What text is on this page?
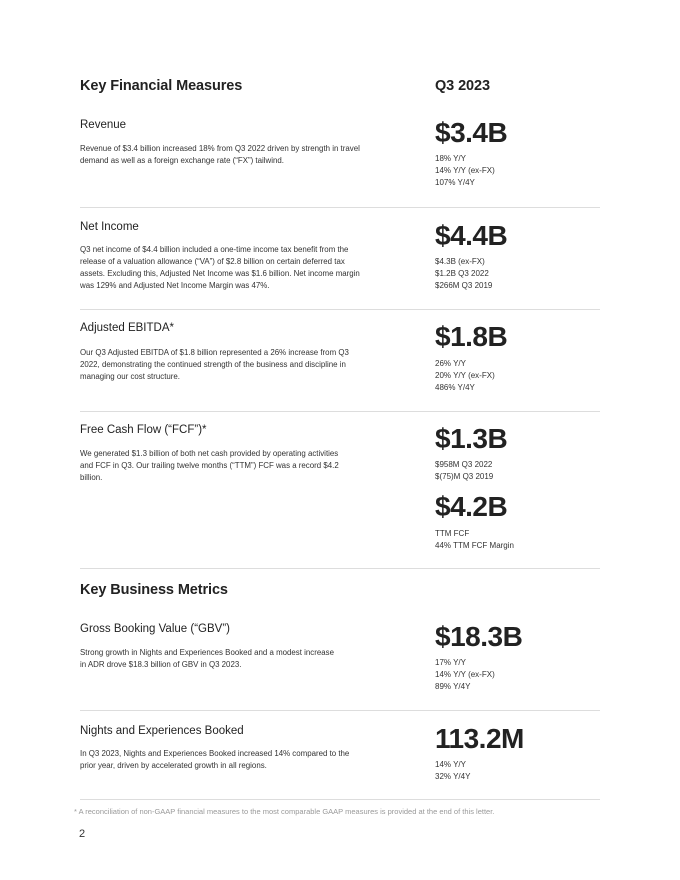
Key Financial Measures	Q3 2023
Revenue
Revenue of $3.4 billion increased 18% from Q3 2022 driven by strength in travel demand as well as a foreign exchange rate (“FX”) tailwind.
$3.4B
18% Y/Y
14% Y/Y (ex-FX)
107% Y/4Y
Net Income
Q3 net income of $4.4 billion included a one-time income tax benefit from the release of a valuation allowance (“VA”) of $2.8 billion on certain deferred tax assets. Excluding this, Adjusted Net Income was $1.6 billion. Net income margin was 129% and Adjusted Net Income Margin was 47%.
$4.4B
$4.3B (ex-FX)
$1.2B Q3 2022
$266M Q3 2019
Adjusted EBITDA*
Our Q3 Adjusted EBITDA of $1.8 billion represented a 26% increase from Q3 2022, demonstrating the continued strength of the business and discipline in managing our cost structure.
$1.8B
26% Y/Y
20% Y/Y (ex-FX)
486% Y/4Y
Free Cash Flow (“FCF”)*
We generated $1.3 billion of both net cash provided by operating activities and FCF in Q3. Our trailing twelve months (“TTM”) FCF was a record $4.2 billion.
$1.3B
$958M Q3 2022
$(75)M Q3 2019
$4.2B
TTM FCF
44% TTM FCF Margin
Key Business Metrics
Gross Booking Value (“GBV”)
Strong growth in Nights and Experiences Booked and a modest increase in ADR drove $18.3 billion of GBV in Q3 2023.
$18.3B
17% Y/Y
14% Y/Y (ex-FX)
89% Y/4Y
Nights and Experiences Booked
In Q3 2023, Nights and Experiences Booked increased 14% compared to the prior year, driven by accelerated growth in all regions.
113.2M
14% Y/Y
32% Y/4Y
* A reconciliation of non-GAAP financial measures to the most comparable GAAP measures is provided at the end of this letter.
2
